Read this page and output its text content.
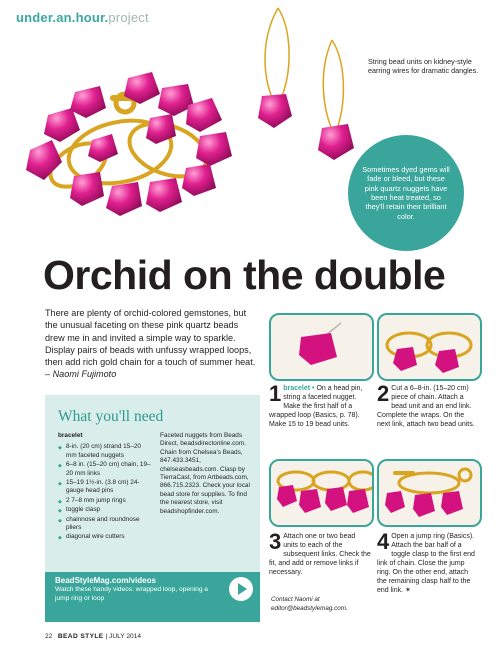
under.an.hour.project
String bead units on kidney-style earring wires for dramatic dangles.
Sometimes dyed gems will fade or bleed, but these pink quartz nuggets have been heat treated, so they'll retain their brilliant color.
Orchid on the double
There are plenty of orchid-colored gemstones, but the unusual faceting on these pink quartz beads drew me in and invited a simple way to sparkle. Display pairs of beads with unfussy wrapped loops, then add rich gold chain for a touch of summer heat. – Naomi Fujimoto
What you'll need
bracelet
◆ 8-in. (20 cm) strand 15–20 mm faceted nuggets
◆ 6–8 in. (15–20 cm) chain, 19–20 mm links
◆ 15–19 1½-in. (3.8 cm) 24-gauge head pins
◆ 2 7–8 mm jump rings
◆ toggle clasp
◆ chainnose and roundnose pliers
◆ diagonal wire cutters
Faceted nuggets from Beads Direct, beadsdirectonline.com. Chain from Chelsea's Beads, 847.433.3451, chelseasbeads.com. Clasp by TierraCast, from Artbeads.com, 866.715.2323. Check your local bead store for supplies. To find the nearest store, visit beadshopfinder.com.
BeadStyleMag.com/videos
Watch these handy videos: wrapped loop, opening a jump ring or loop
1 bracelet • On a head pin, string a faceted nugget. Make the first half of a wrapped loop (Basics, p. 78). Make 15 to 19 bead units.
2 Cut a 6–8-in. (15–20 cm) piece of chain. Attach a bead unit and an end link. Complete the wraps. On the next link, attach two bead units.
3 Attach one or two bead units to each of the subsequent links. Check the fit, and add or remove links if necessary.
4 Open a jump ring (Basics). Attach the bar half of a toggle clasp to the first end link of chain. Close the jump ring. On the other end, attach the remaining clasp half to the end link. ✶
Contact Naomi at editor@beadstylemag.com.
22 BEAD STYLE | JULY 2014
